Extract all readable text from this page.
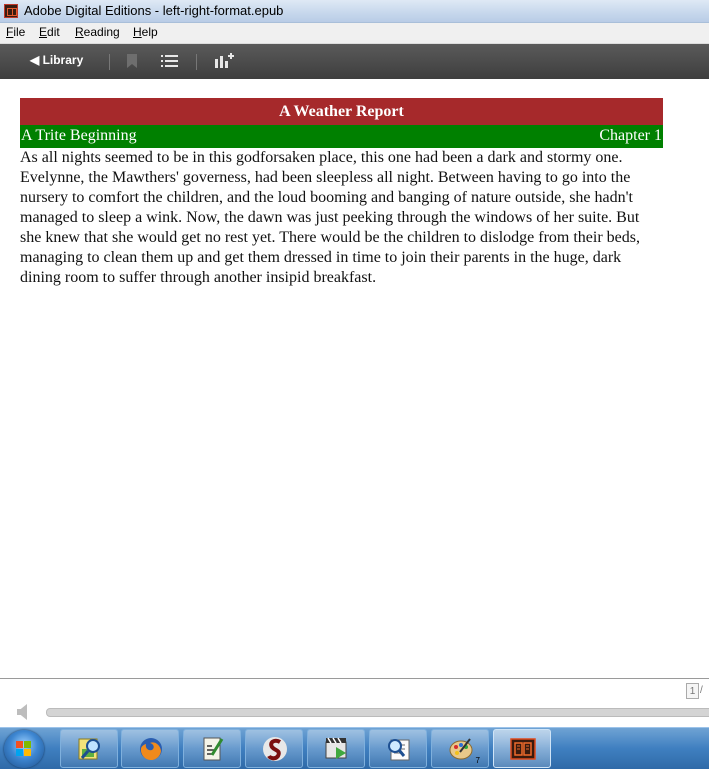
Adobe Digital Editions - left-right-format.epub
File Edit Reading Help
◀ Library
A Weather Report
A Trite Beginning	Chapter 1

As all nights seemed to be in this godforsaken place, this one had been a dark and stormy one. Evelynne, the Mawthers' governess, had been sleepless all night. Between having to go into the nursery to comfort the children, and the loud booming and banging of nature outside, she hadn't managed to sleep a wink. Now, the dawn was just peeking through the windows of her suite. But she knew that she would get no rest yet. There would be the children to dislodge from their beds, managing to clean them up and get them dressed in time to join their parents in the huge, dark dining room to suffer through another insipid breakfast.

1 /
7
